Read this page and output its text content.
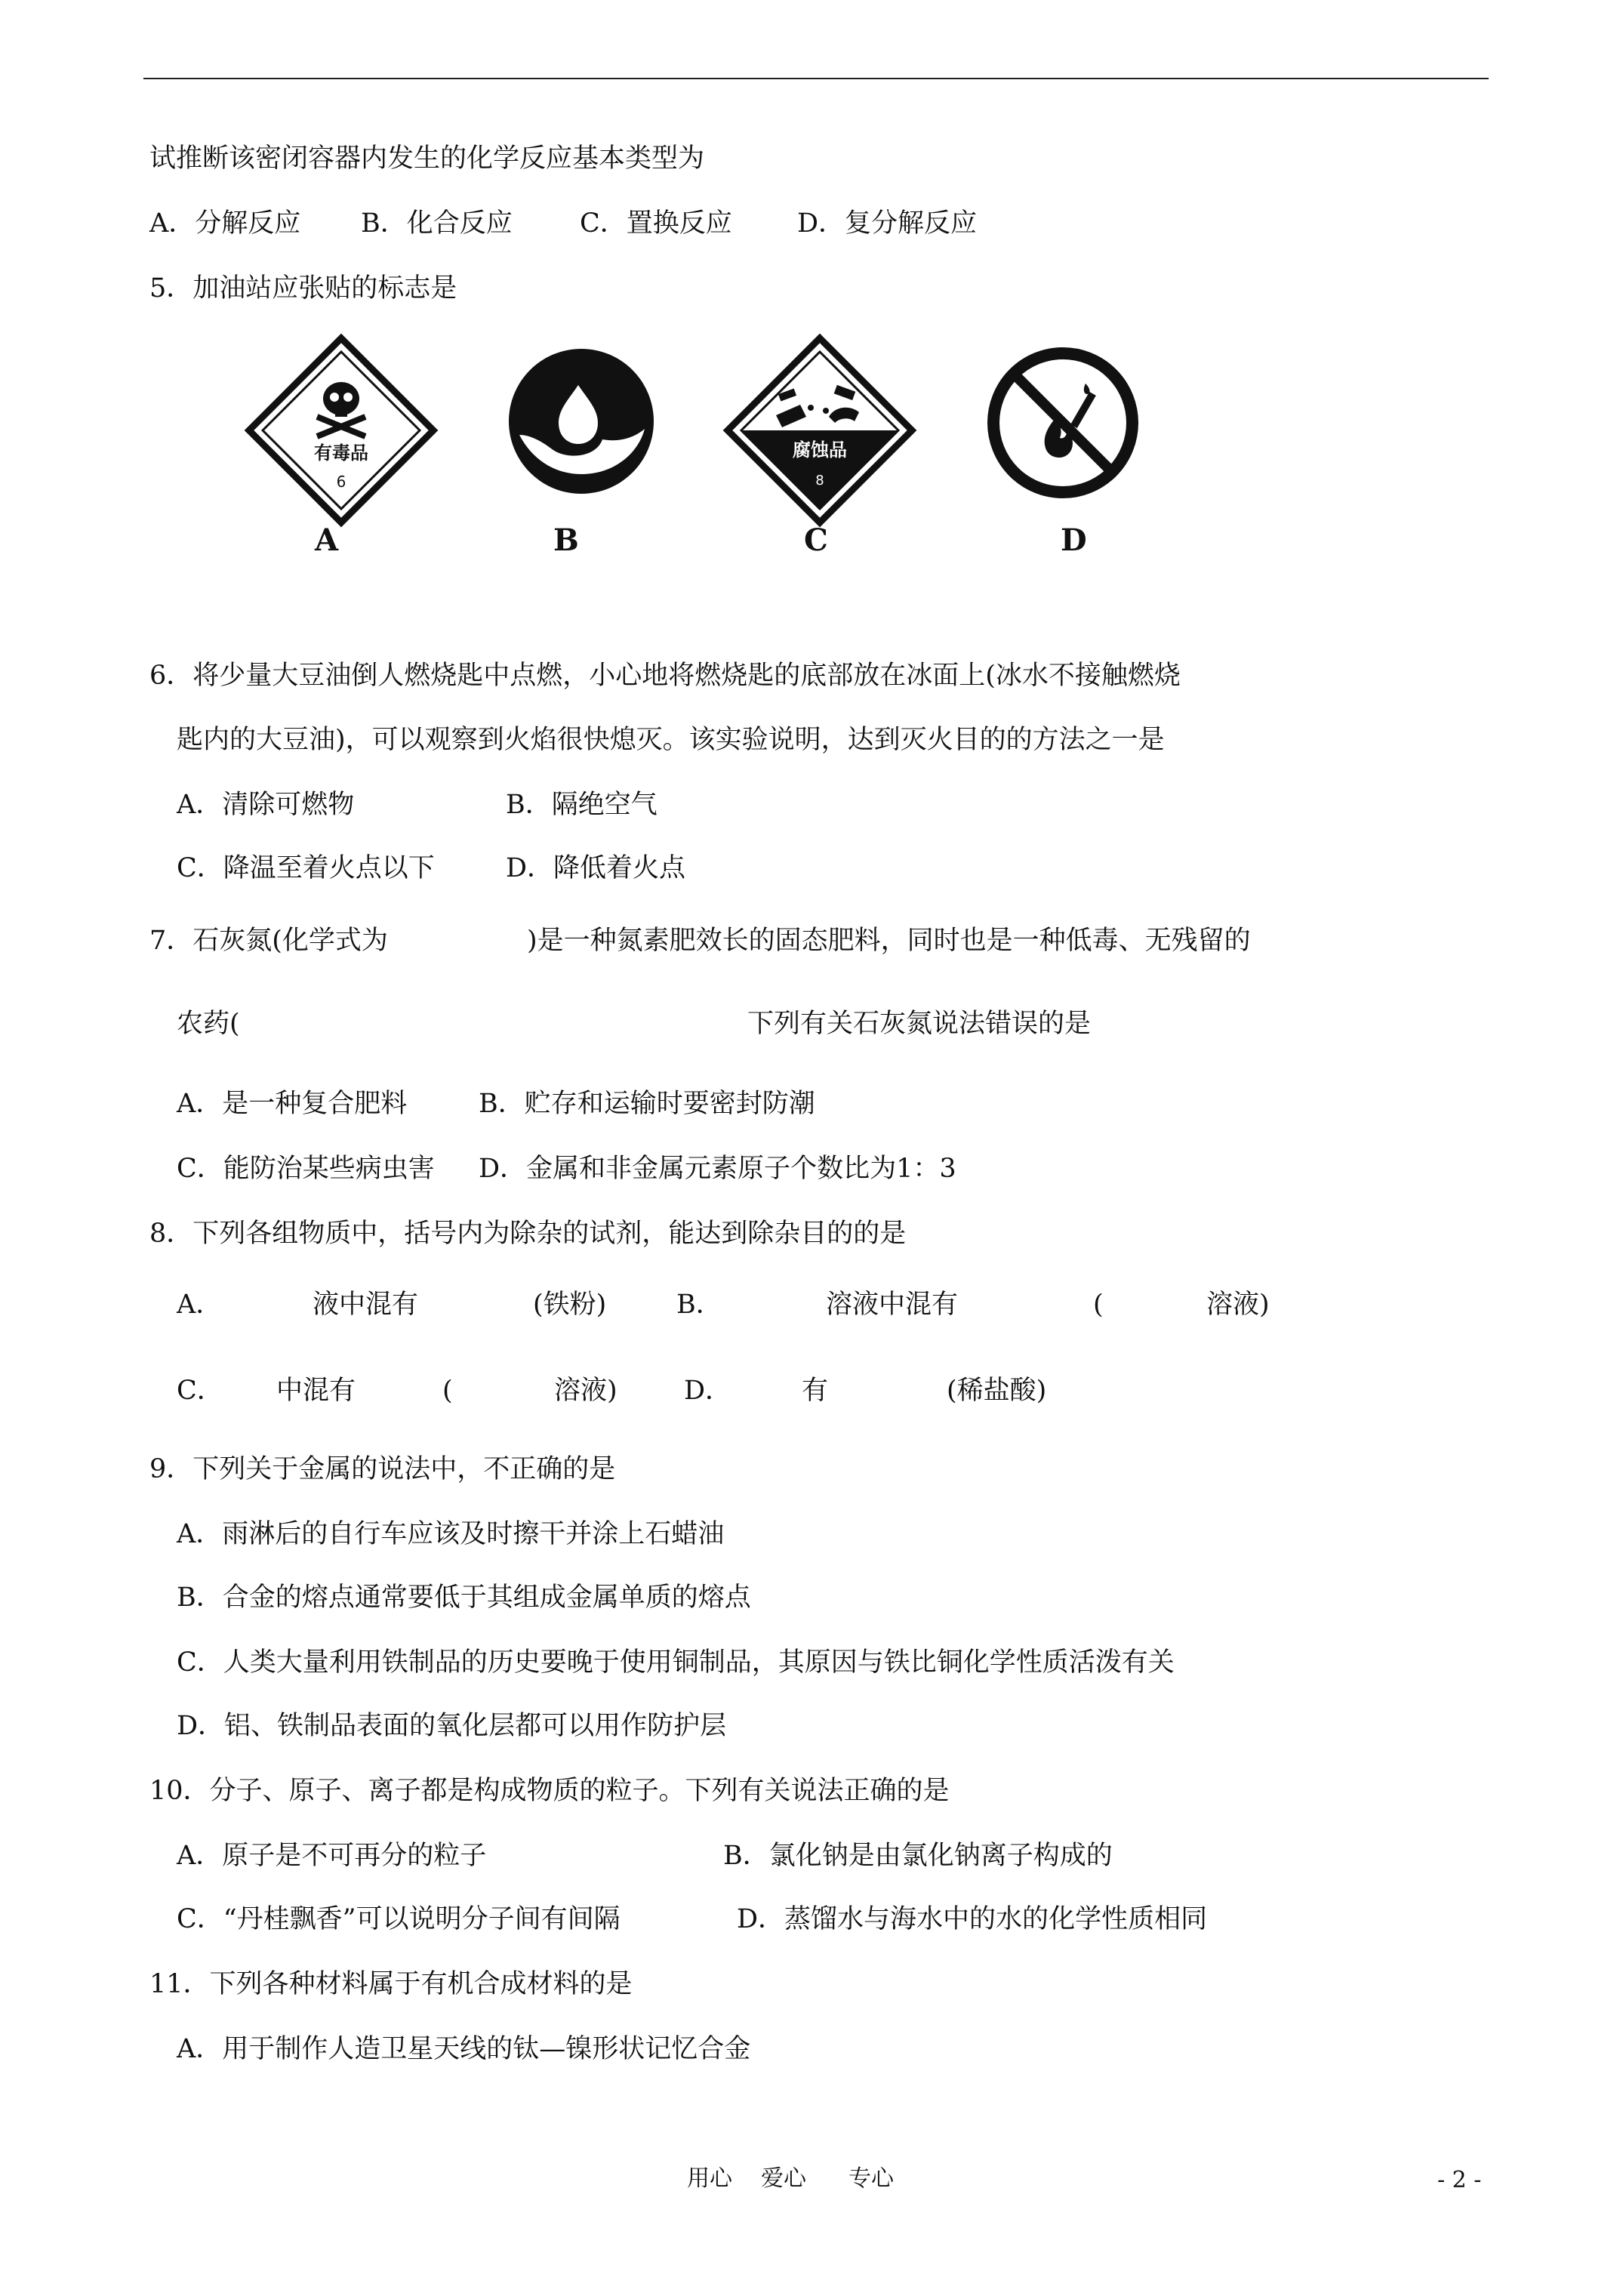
试推断该密闭容器内发生的化学反应基本类型为
A．分解反应 B．化合反应	C．置换反应 D．复分解反应
5．加油站应张贴的标志是
有毒品
6
腐蚀品
8
A	B	C	D
6．将少量大豆油倒人燃烧匙中点燃，小心地将燃烧匙的底部放在冰面上(冰水不接触燃烧
匙内的大豆油)，可以观察到火焰很快熄灭。该实验说明，达到灭火目的的方法之一是
A．清除可燃物	B．隔绝空气
C．降温至着火点以下	D．降低着火点
7．石灰氮(化学式为	)是一种氮素肥效长的固态肥料，同时也是一种低毒、无残留的
农药(	下列有关石灰氮说法错误的是
A．是一种复合肥料	B．贮存和运输时要密封防潮
C．能防治某些病虫害 D．金属和非金属元素原子个数比为1：3
8．下列各组物质中，括号内为除杂的试剂，能达到除杂目的的是
A．	液中混有	(铁粉)	B．	溶液中混有	(	溶液)
C． 中混有	(	溶液)	D．	有	(稀盐酸)
9．下列关于金属的说法中，不正确的是
A．雨淋后的自行车应该及时擦干并涂上石蜡油
B．合金的熔点通常要低于其组成金属单质的熔点
C．人类大量利用铁制品的历史要晚于使用铜制品，其原因与铁比铜化学性质活泼有关
D．铝、铁制品表面的氧化层都可以用作防护层
10．分子、原子、离子都是构成物质的粒子。下列有关说法正确的是
A．原子是不可再分的粒子	B．氯化钠是由氯化钠离子构成的
C．“丹桂飘香”可以说明分子间有间隔	D．蒸馏水与海水中的水的化学性质相同
11．下列各种材料属于有机合成材料的是
A．用于制作人造卫星天线的钛—镍形状记忆合金
用心 爱心 专心	- 2 -
